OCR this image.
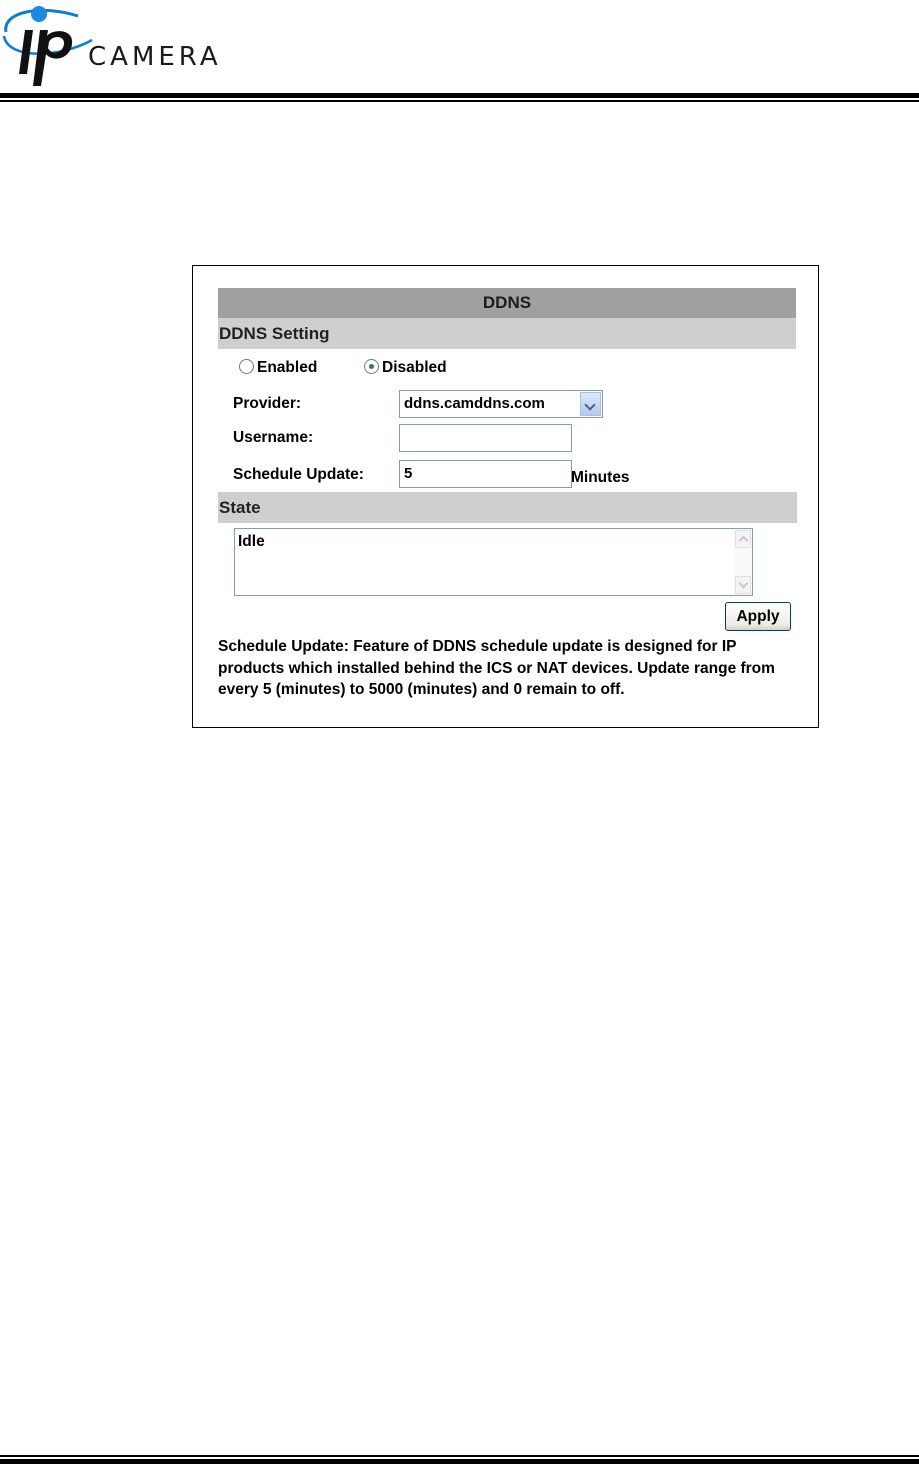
CAMERA
DDNS
DDNS Setting
Enabled	Disabled
Provider:	ddns.camddns.com
Username:
Schedule Update:	5	Minutes
State
Idle
Apply
Schedule Update: Feature of DDNS schedule update is designed for IP products which installed behind the ICS or NAT devices. Update range from every 5 (minutes) to 5000 (minutes) and 0 remain to off.
